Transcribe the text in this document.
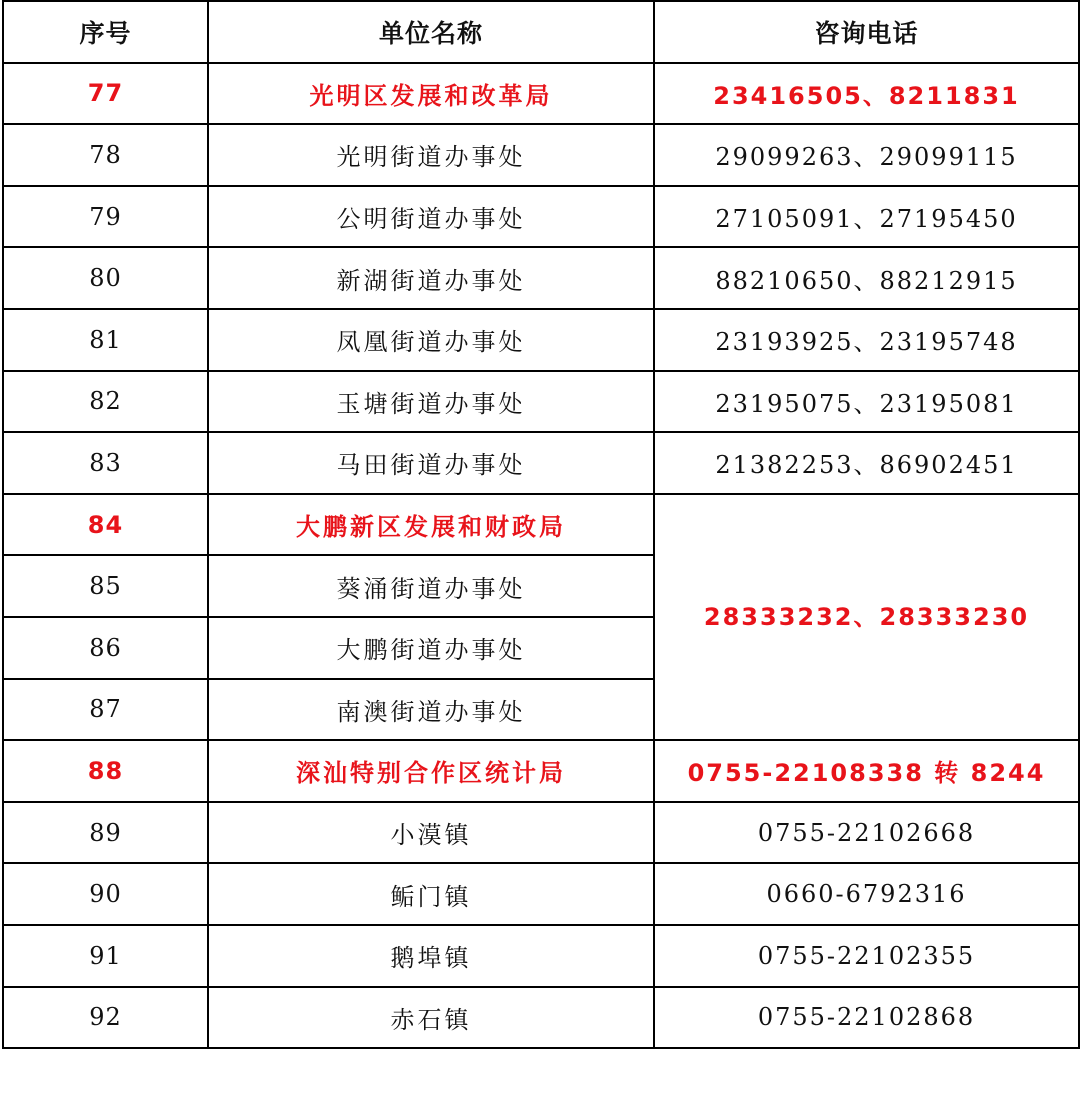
序号	单位名称	咨询电话
77	光明区发展和改革局	23416505、8211831
78	光明街道办事处	29099263、29099115
79	公明街道办事处	27105091、27195450
80	新湖街道办事处	88210650、88212915
81	凤凰街道办事处	23193925、23195748
82	玉塘街道办事处	23195075、23195081
83	马田街道办事处	21382253、86902451
84	大鹏新区发展和财政局	28333232、28333230
85	葵涌街道办事处	
86	大鹏街道办事处	
87	南澳街道办事处	
88	深汕特别合作区统计局	0755-22108338 转 8244
89	小漠镇	0755-22102668
90	鲘门镇	0660-6792316
91	鹅埠镇	0755-22102355
92	赤石镇	0755-22102868
